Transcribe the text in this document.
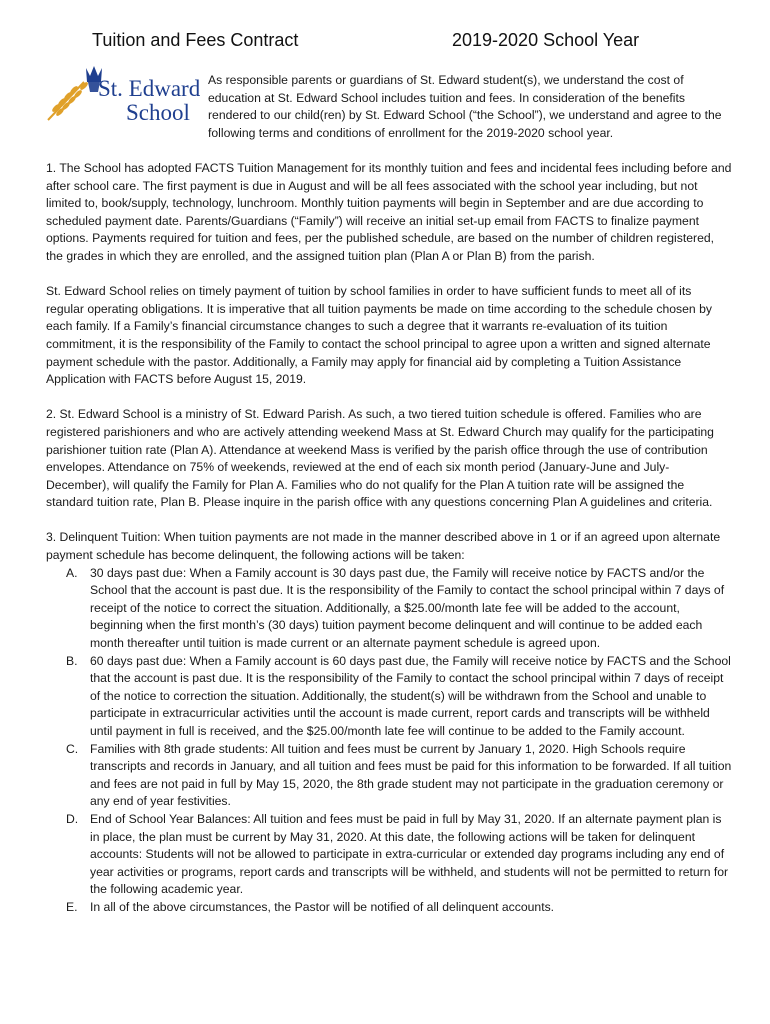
Tuition and Fees Contract	2019-2020 School Year
St. Edward
School
As responsible parents or guardians of St. Edward student(s), we understand the cost of education at St. Edward School includes tuition and fees. In consideration of the benefits rendered to our child(ren) by St. Edward School (“the School”), we understand and agree to the following terms and conditions of enrollment for the 2019-2020 school year.

1. The School has adopted FACTS Tuition Management for its monthly tuition and fees and incidental fees including before and after school care. The first payment is due in August and will be all fees associated with the school year including, but not limited to, book/supply, technology, lunchroom. Monthly tuition payments will begin in September and are due according to scheduled payment date. Parents/Guardians (“Family”) will receive an initial set-up email from FACTS to finalize payment options. Payments required for tuition and fees, per the published schedule, are based on the number of children registered, the grades in which they are enrolled, and the assigned tuition plan (Plan A or Plan B) from the parish.

St. Edward School relies on timely payment of tuition by school families in order to have sufficient funds to meet all of its regular operating obligations. It is imperative that all tuition payments be made on time according to the schedule chosen by each family. If a Family’s financial circumstance changes to such a degree that it warrants re-evaluation of its tuition commitment, it is the responsibility of the Family to contact the school principal to agree upon a written and signed alternate payment schedule with the pastor. Additionally, a Family may apply for financial aid by completing a Tuition Assistance Application with FACTS before August 15, 2019.

2. St. Edward School is a ministry of St. Edward Parish. As such, a two tiered tuition schedule is offered. Families who are registered parishioners and who are actively attending weekend Mass at St. Edward Church may qualify for the participating parishioner tuition rate (Plan A). Attendance at weekend Mass is verified by the parish office through the use of contribution envelopes. Attendance on 75% of weekends, reviewed at the end of each six month period (January-June and July-December), will qualify the Family for Plan A. Families who do not qualify for the Plan A tuition rate will be assigned the standard tuition rate, Plan B. Please inquire in the parish office with any questions concerning Plan A guidelines and criteria.

3. Delinquent Tuition: When tuition payments are not made in the manner described above in 1 or if an agreed upon alternate payment schedule has become delinquent, the following actions will be taken:

A. 30 days past due: When a Family account is 30 days past due, the Family will receive notice by FACTS and/or the School that the account is past due. It is the responsibility of the Family to contact the school principal within 7 days of receipt of the notice to correct the situation. Additionally, a $25.00/month late fee will be added to the account, beginning when the first month’s (30 days) tuition payment become delinquent and will continue to be added each month thereafter until tuition is made current or an alternate payment schedule is agreed upon.
B. 60 days past due: When a Family account is 60 days past due, the Family will receive notice by FACTS and the School that the account is past due. It is the responsibility of the Family to contact the school principal within 7 days of receipt of the notice to correction the situation. Additionally, the student(s) will be withdrawn from the School and unable to participate in extracurricular activities until the account is made current, report cards and transcripts will be withheld until payment in full is received, and the $25.00/month late fee will continue to be added to the Family account.
C. Families with 8th grade students: All tuition and fees must be current by January 1, 2020. High Schools require transcripts and records in January, and all tuition and fees must be paid for this information to be forwarded. If all tuition and fees are not paid in full by May 15, 2020, the 8th grade student may not participate in the graduation ceremony or any end of year festivities.
D. End of School Year Balances: All tuition and fees must be paid in full by May 31, 2020. If an alternate payment plan is in place, the plan must be current by May 31, 2020. At this date, the following actions will be taken for delinquent accounts: Students will not be allowed to participate in extra-curricular or extended day programs including any end of year activities or programs, report cards and transcripts will be withheld, and students will not be permitted to return for the following academic year.
E. In all of the above circumstances, the Pastor will be notified of all delinquent accounts.
